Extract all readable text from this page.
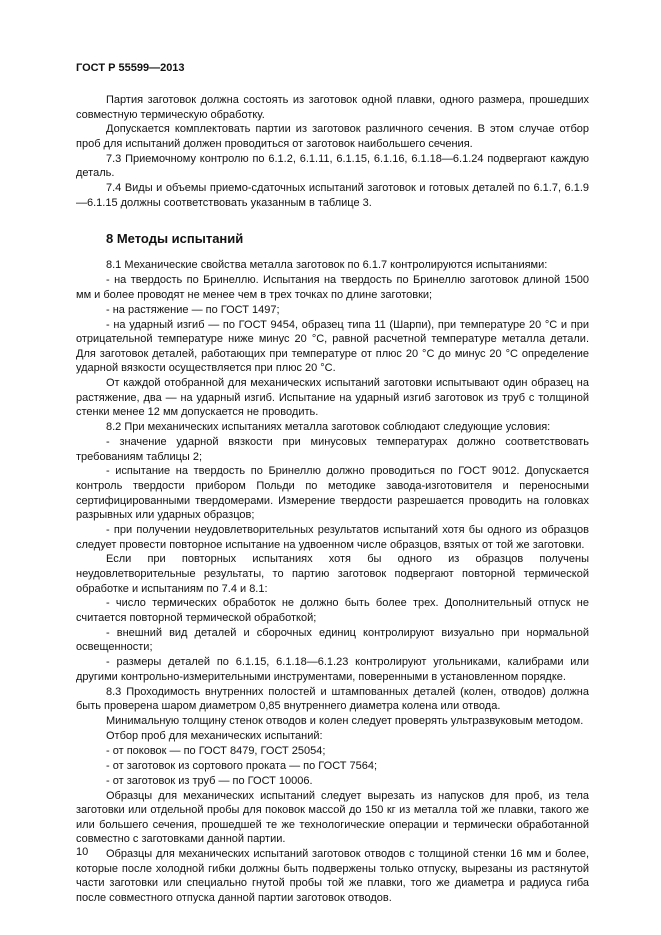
ГОСТ Р 55599—2013

Партия заготовок должна состоять из заготовок одной плавки, одного размера, прошедших совместную термическую обработку.

Допускается комплектовать партии из заготовок различного сечения. В этом случае отбор проб для испытаний должен проводиться от заготовок наибольшего сечения.

7.3 Приемочному контролю по 6.1.2, 6.1.11, 6.1.15, 6.1.16, 6.1.18—6.1.24 подвергают каждую деталь.

7.4 Виды и объемы приемо-сдаточных испытаний заготовок и готовых деталей по 6.1.7, 6.1.9—6.1.15 должны соответствовать указанным в таблице 3.

8 Методы испытаний

8.1 Механические свойства металла заготовок по 6.1.7 контролируются испытаниями:

- на твердость по Бринеллю. Испытания на твердость по Бринеллю заготовок длиной 1500 мм и более проводят не менее чем в трех точках по длине заготовки;

- на растяжение — по ГОСТ 1497;

- на ударный изгиб — по ГОСТ 9454, образец типа 11 (Шарпи), при температуре 20 °С и при отрицательной температуре ниже минус 20 °С, равной расчетной температуре металла детали. Для заготовок деталей, работающих при температуре от плюс 20 °С до минус 20 °С определение ударной вязкости осуществляется при плюс 20 °С.

От каждой отобранной для механических испытаний заготовки испытывают один образец на растяжение, два — на ударный изгиб. Испытание на ударный изгиб заготовок из труб с толщиной стенки менее 12 мм допускается не проводить.

8.2 При механических испытаниях металла заготовок соблюдают следующие условия:

- значение ударной вязкости при минусовых температурах должно соответствовать требованиям таблицы 2;

- испытание на твердость по Бринеллю должно проводиться по ГОСТ 9012. Допускается контроль твердости прибором Польди по методике завода-изготовителя и переносными сертифицированными твердомерами. Измерение твердости разрешается проводить на головках разрывных или ударных образцов;

- при получении неудовлетворительных результатов испытаний хотя бы одного из образцов следует провести повторное испытание на удвоенном числе образцов, взятых от той же заготовки.

Если при повторных испытаниях хотя бы одного из образцов получены неудовлетворительные результаты, то партию заготовок подвергают повторной термической обработке и испытаниям по 7.4 и 8.1:

- число термических обработок не должно быть более трех. Дополнительный отпуск не считается повторной термической обработкой;

- внешний вид деталей и сборочных единиц контролируют визуально при нормальной освещенности;

- размеры деталей по 6.1.15, 6.1.18—6.1.23 контролируют угольниками, калибрами или другими контрольно-измерительными инструментами, поверенными в установленном порядке.

8.3 Проходимость внутренних полостей и штампованных деталей (колен, отводов) должна быть проверена шаром диаметром 0,85 внутреннего диаметра колена или отвода.

Минимальную толщину стенок отводов и колен следует проверять ультразвуковым методом.

Отбор проб для механических испытаний:

- от поковок — по ГОСТ 8479, ГОСТ 25054;

- от заготовок из сортового проката — по ГОСТ 7564;

- от заготовок из труб — по ГОСТ 10006.

Образцы для механических испытаний следует вырезать из напусков для проб, из тела заготовки или отдельной пробы для поковок массой до 150 кг из металла той же плавки, такого же или большего сечения, прошедшей те же технологические операции и термически обработанной совместно с заготовками данной партии.

Образцы для механических испытаний заготовок отводов с толщиной стенки 16 мм и более, которые после холодной гибки должны быть подвержены только отпуску, вырезаны из растянутой части заготовки или специально гнутой пробы той же плавки, того же диаметра и радиуса гиба после совместного отпуска данной партии заготовок отводов.

10
